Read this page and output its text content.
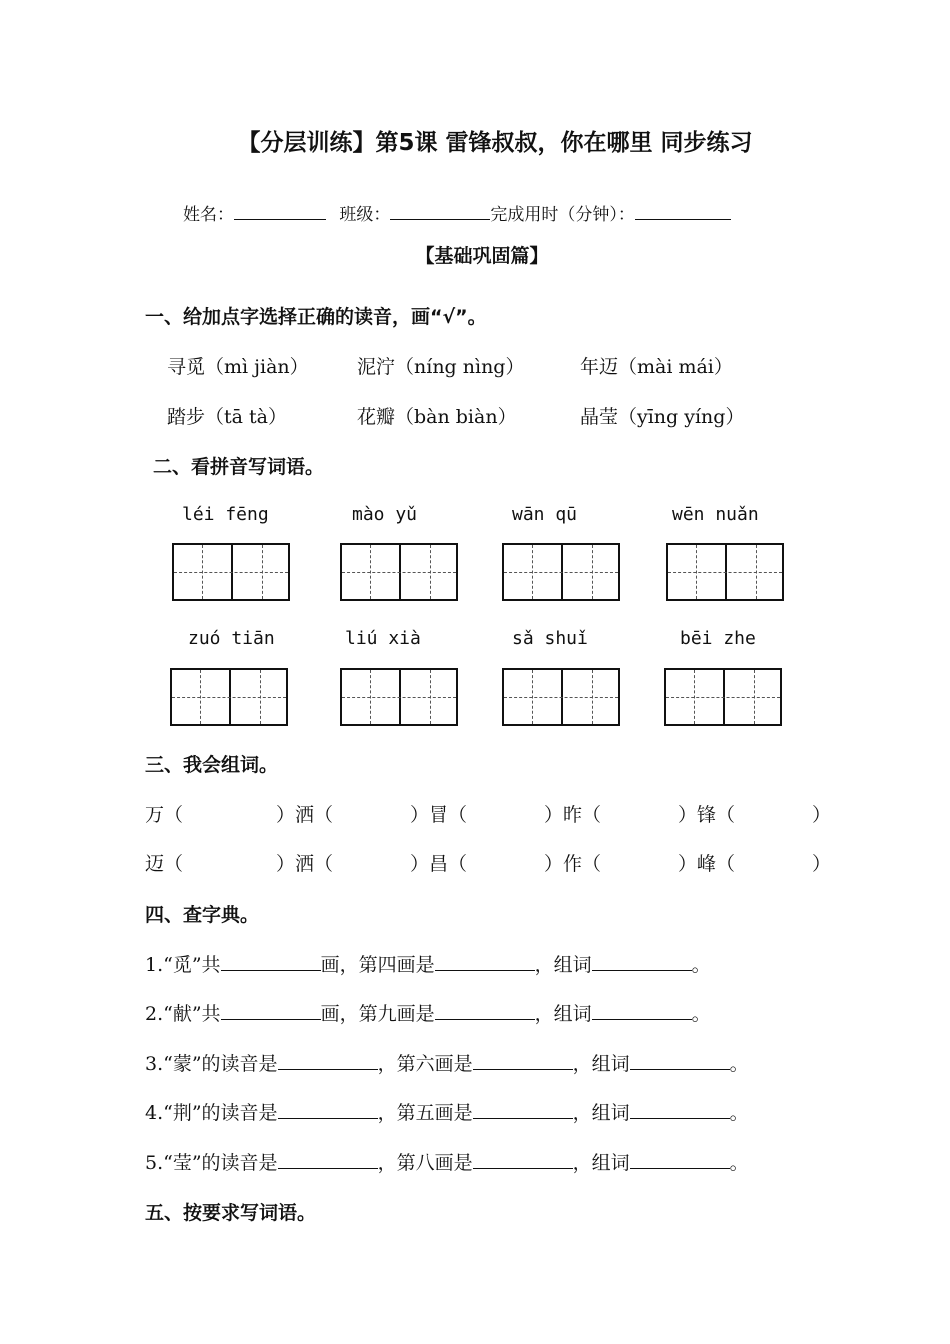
【分层训练】第5课 雷锋叔叔，你在哪里 同步练习
姓名：	班级：	完成用时（分钟）：
【基础巩固篇】
一、给加点字选择正确的读音，画“√”。
寻觅（mì jiàn）	泥泞（níng nìng）	年迈（mài mái）
踏步（tā tà）	花瓣（bàn biàn）	晶莹（yīng yíng）
二、看拼音写词语。
léi fēng	mào yǔ	wān qū	wēn nuǎn
zuó tiān	liú xià	sǎ shuǐ	bēi zhe
三、我会组词。
万（	）洒（	）冒（	）昨（	）锋（	）
迈（	）洒（	）昌（	）作（	）峰（	）
四、查字典。
1.“觅”共	画，第四画是	，组词	。
2.“献”共	画，第九画是	，组词	。
3.“蒙”的读音是	，第六画是	，组词	。
4.“荆”的读音是	，第五画是	，组词	。
5.“莹”的读音是	，第八画是	，组词	。
五、按要求写词语。
